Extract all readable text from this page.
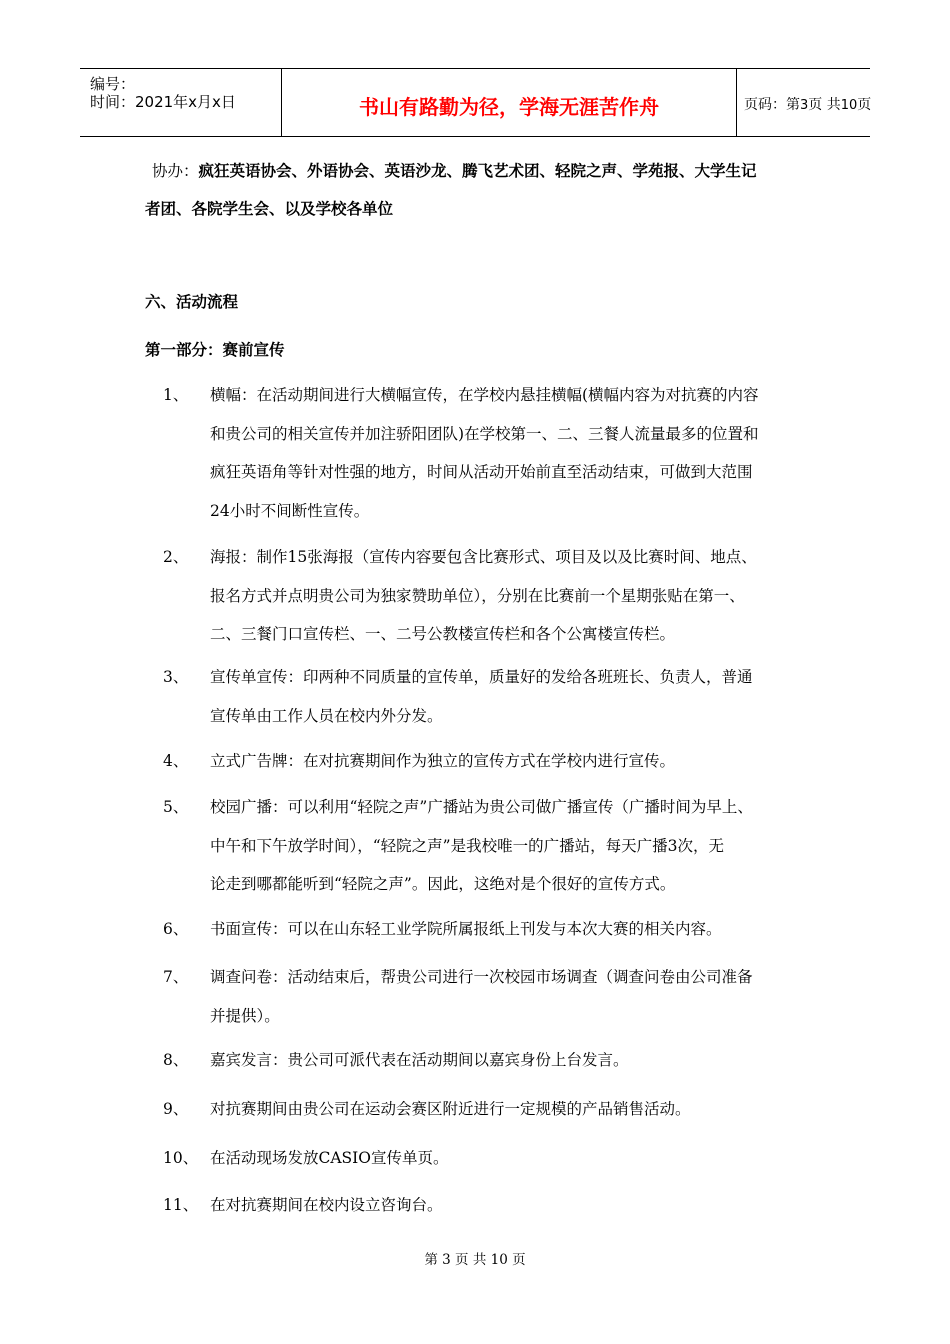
编号：
时间：2021年x月x日	书山有路勤为径，学海无涯苦作舟	页码：第3页 共10页
协办：疯狂英语协会、外语协会、英语沙龙、腾飞艺术团、轻院之声、学苑报、大学生记
者团、各院学生会、以及学校各单位
六、活动流程
第一部分：赛前宣传
1、 横幅：在活动期间进行大横幅宣传，在学校内悬挂横幅(横幅内容为对抗赛的内容
和贵公司的相关宣传并加注骄阳团队)在学校第一、二、三餐人流量最多的位置和
疯狂英语角等针对性强的地方，时间从活动开始前直至活动结束，可做到大范围
24小时不间断性宣传。
2、 海报：制作15张海报（宣传内容要包含比赛形式、项目及以及比赛时间、地点、
报名方式并点明贵公司为独家赞助单位），分别在比赛前一个星期张贴在第一、
二、三餐门口宣传栏、一、二号公教楼宣传栏和各个公寓楼宣传栏。
3、 宣传单宣传：印两种不同质量的宣传单，质量好的发给各班班长、负责人，普通
宣传单由工作人员在校内外分发。
4、 立式广告牌：在对抗赛期间作为独立的宣传方式在学校内进行宣传。
5、 校园广播：可以利用“轻院之声”广播站为贵公司做广播宣传（广播时间为早上、
中午和下午放学时间），“轻院之声”是我校唯一的广播站，每天广播3次，无
论走到哪都能听到“轻院之声”。因此，这绝对是个很好的宣传方式。
6、 书面宣传：可以在山东轻工业学院所属报纸上刊发与本次大赛的相关内容。
7、 调查问卷：活动结束后，帮贵公司进行一次校园市场调查（调查问卷由公司准备
并提供）。
8、 嘉宾发言：贵公司可派代表在活动期间以嘉宾身份上台发言。
9、 对抗赛期间由贵公司在运动会赛区附近进行一定规模的产品销售活动。
10、 在活动现场发放CASIO宣传单页。
11、 在对抗赛期间在校内设立咨询台。
第 3 页 共 10 页
